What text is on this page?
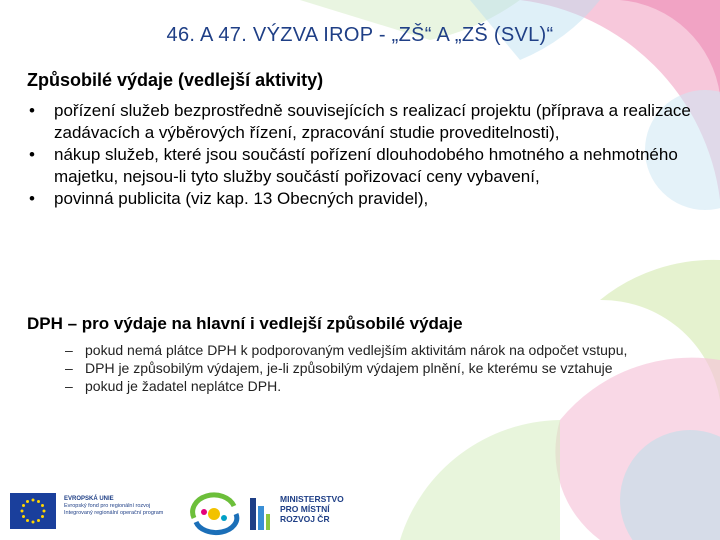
46. A 47. VÝZVA IROP - „ZŠ“ A „ZŠ (SVL)“
Způsobilé výdaje (vedlejší aktivity)
• pořízení služeb bezprostředně souvisejících s realizací projektu (příprava a realizace zadávacích a výběrových řízení, zpracování studie proveditelnosti),
• nákup služeb, které jsou součástí pořízení dlouhodobého hmotného a nehmotného majetku, nejsou-li tyto služby součástí pořizovací ceny vybavení,
• povinná publicita (viz kap. 13 Obecných pravidel),
DPH – pro výdaje na hlavní i vedlejší způsobilé výdaje
– pokud nemá plátce DPH k podporovaným vedlejším aktivitám nárok na odpočet vstupu,
– DPH je způsobilým výdajem, je-li způsobilým výdajem plnění, ke kterému se vztahuje
– pokud je žadatel neplátce DPH.
EVROPSKÁ UNIE
Evropský fond pro regionální rozvoj
Integrovaný regionální operační program
MINISTERSTVO
PRO MÍSTNÍ
ROZVOJ ČR
